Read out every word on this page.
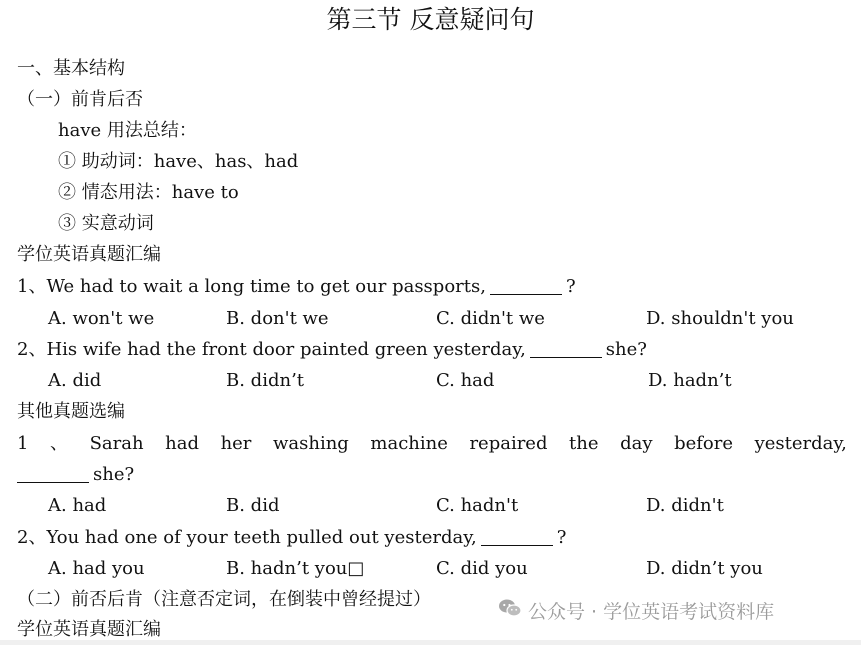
第三节 反意疑问句
一、基本结构
（一）前肯后否
have 用法总结：
① 助动词：have、has、had
② 情态用法：have to
③ 实意动词
学位英语真题汇编
1、We had to wait a long time to get our passports,	?
A. won't we	B. don't we	C. didn't we	D. shouldn't you
2、His wife had the front door painted green yesterday,	she?
A. did	B. didn’t	C. had	D. hadn’t
其他真题选编
1 、 Sarah had her washing machine repaired the day before yesterday,
she?
A. had	B. did	C. hadn't	D. didn't
2、You had one of your teeth pulled out yesterday,	?
A. had you	B. hadn’t you□	C. did you	D. didn’t you
（二）前否后肯（注意否定词，在倒装中曾经提过）
学位英语真题汇编
公众号 · 学位英语考试资料库
